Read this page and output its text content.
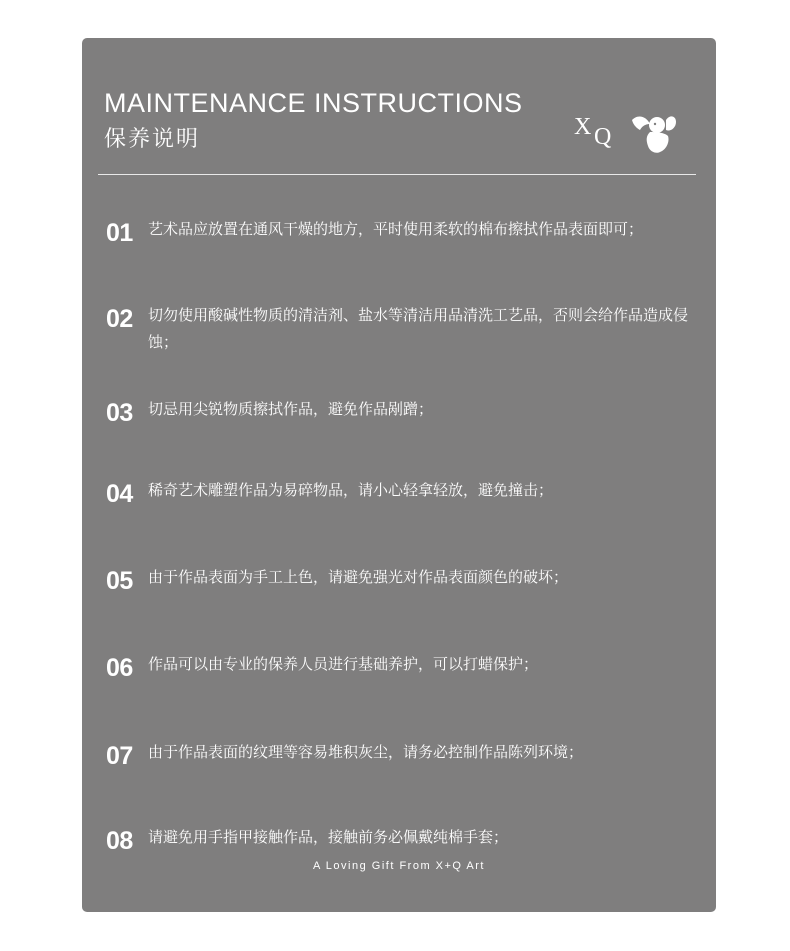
MAINTENANCE INSTRUCTIONS
保养说明	X Q
01	艺术品应放置在通风干燥的地方，平时使用柔软的棉布擦拭作品表面即可；
02	切勿使用酸碱性物质的清洁剂、盐水等清洁用品清洗工艺品，否则会给作品造成侵蚀；
03	切忌用尖锐物质擦拭作品，避免作品剐蹭；
04	稀奇艺术雕塑作品为易碎物品，请小心轻拿轻放，避免撞击；
05	由于作品表面为手工上色，请避免强光对作品表面颜色的破坏；
06	作品可以由专业的保养人员进行基础养护，可以打蜡保护；
07	由于作品表面的纹理等容易堆积灰尘，请务必控制作品陈列环境；
08	请避免用手指甲接触作品，接触前务必佩戴纯棉手套；
A Loving Gift From X+Q Art
